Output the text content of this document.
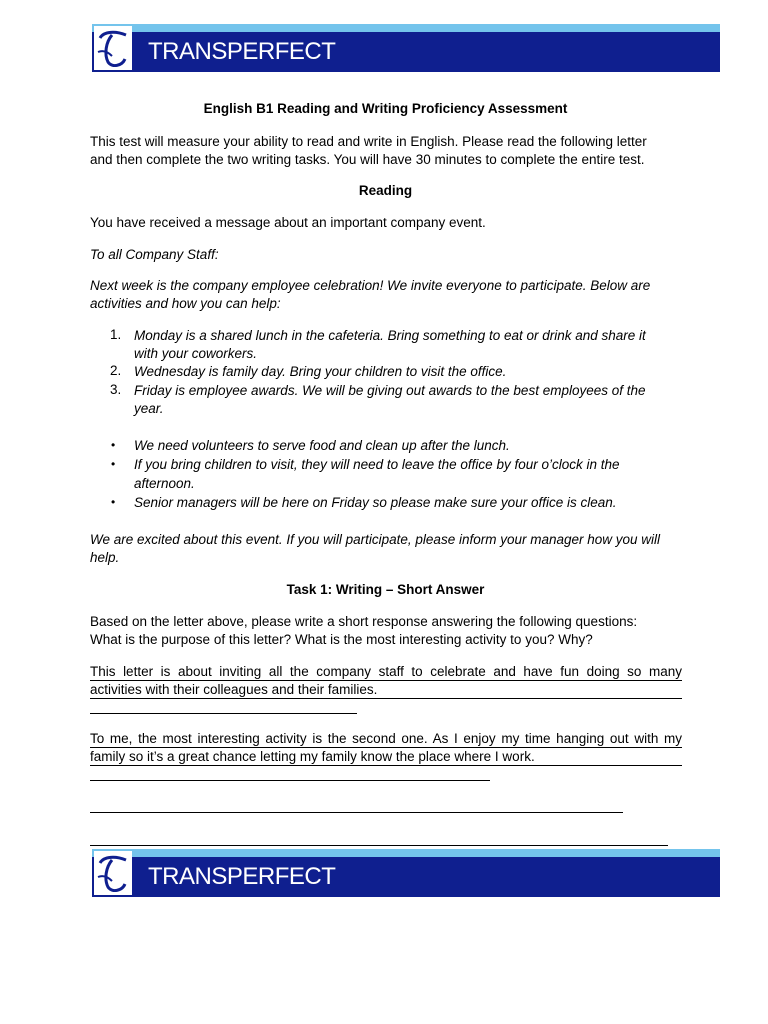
TRANSPERFECT
English B1 Reading and Writing Proficiency Assessment
This test will measure your ability to read and write in English. Please read the following letter
and then complete the two writing tasks. You will have 30 minutes to complete the entire test.
Reading
You have received a message about an important company event.
To all Company Staff:
Next week is the company employee celebration! We invite everyone to participate. Below are
activities and how you can help:
1. Monday is a shared lunch in the cafeteria. Bring something to eat or drink and share it
with your coworkers.
2. Wednesday is family day. Bring your children to visit the office.
3. Friday is employee awards. We will be giving out awards to the best employees of the
year.
• We need volunteers to serve food and clean up after the lunch.
• If you bring children to visit, they will need to leave the office by four o’clock in the
afternoon.
• Senior managers will be here on Friday so please make sure your office is clean.
We are excited about this event. If you will participate, please inform your manager how you will
help.
Task 1: Writing – Short Answer
Based on the letter above, please write a short response answering the following questions:
What is the purpose of this letter? What is the most interesting activity to you? Why?
This letter is about inviting all the company staff to celebrate and have fun doing so many
activities with their colleagues and their families.
To me, the most interesting activity is the second one. As I enjoy my time hanging out with my
family so it’s a great chance letting my family know the place where I work.
TRANSPERFECT
